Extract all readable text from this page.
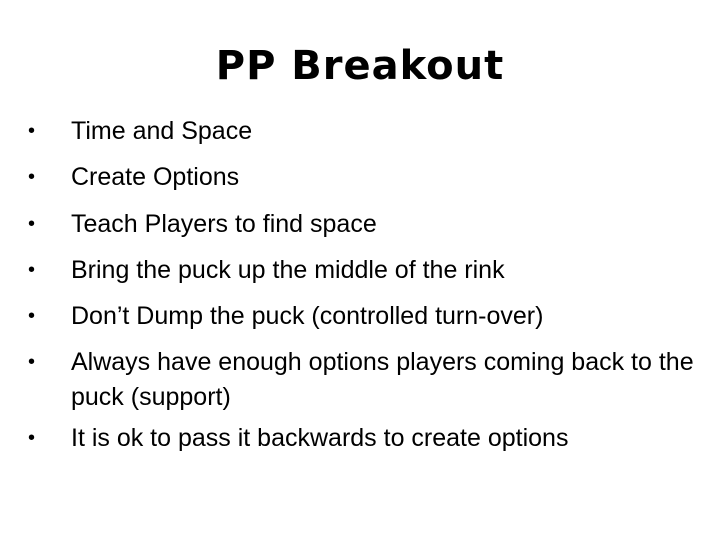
PP Breakout
•	Time and Space
•	Create Options
•	Teach Players to find space
•	Bring the puck up the middle of the rink
•	Don’t Dump the puck (controlled turn-over)
•	Always have enough options players coming back to the puck (support)
•	It is ok to pass it backwards to create options
